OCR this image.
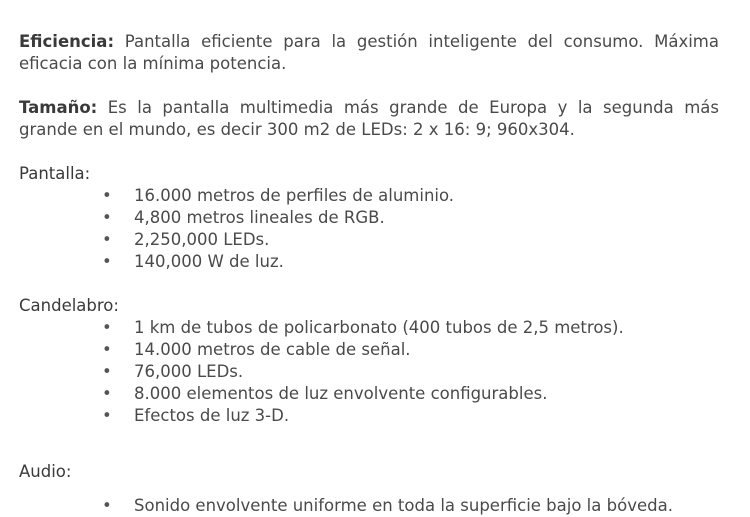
Eficiencia: Pantalla eficiente para la gestión inteligente del consumo. Máxima eficacia con la mínima potencia.

Tamaño: Es la pantalla multimedia más grande de Europa y la segunda más grande en el mundo, es decir 300 m2 de LEDs: 2 x 16: 9; 960x304.

Pantalla:

• 16.000 metros de perfiles de aluminio.
• 4,800 metros lineales de RGB.
• 2,250,000 LEDs.
• 140,000 W de luz.

Candelabro:

• 1 km de tubos de policarbonato (400 tubos de 2,5 metros).
• 14.000 metros de cable de señal.
• 76,000 LEDs.
• 8.000 elementos de luz envolvente configurables.
• Efectos de luz 3-D.

Audio:

• Sonido envolvente uniforme en toda la superficie bajo la bóveda.
